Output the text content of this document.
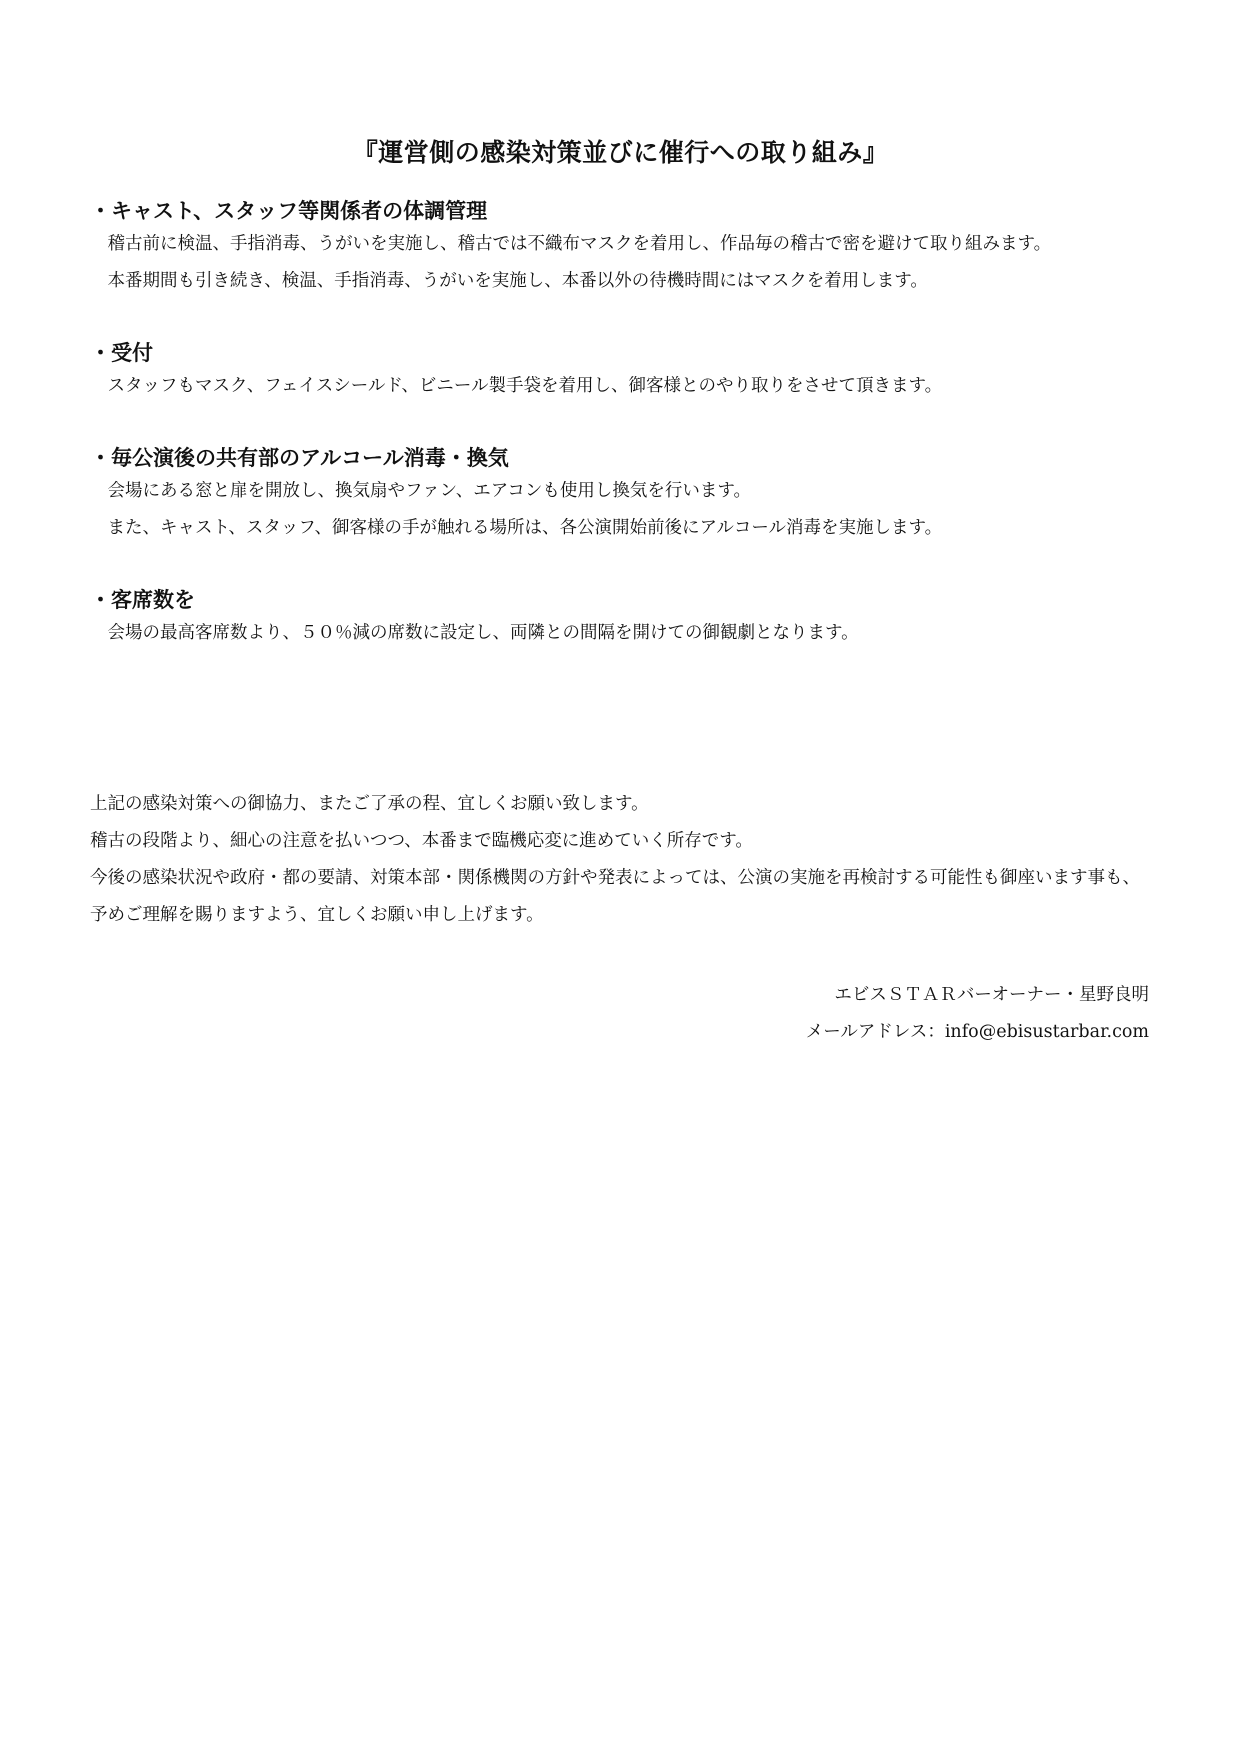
『運営側の感染対策並びに催行への取り組み』
・キャスト、スタッフ等関係者の体調管理

稽古前に検温、手指消毒、うがいを実施し、稽古では不織布マスクを着用し、作品毎の稽古で密を避けて取り組みます。

本番期間も引き続き、検温、手指消毒、うがいを実施し、本番以外の待機時間にはマスクを着用します。

・受付

スタッフもマスク、フェイスシールド、ビニール製手袋を着用し、御客様とのやり取りをさせて頂きます。

・毎公演後の共有部のアルコール消毒・換気

会場にある窓と扉を開放し、換気扇やファン、エアコンも使用し換気を行います。

また、キャスト、スタッフ、御客様の手が触れる場所は、各公演開始前後にアルコール消毒を実施します。

・客席数を

会場の最高客席数より、５０％減の席数に設定し、両隣との間隔を開けての御観劇となります。

上記の感染対策への御協力、またご了承の程、宜しくお願い致します。

稽古の段階より、細心の注意を払いつつ、本番まで臨機応変に進めていく所存です。

今後の感染状況や政府・都の要請、対策本部・関係機関の方針や発表によっては、公演の実施を再検討する可能性も御座います事も、予めご理解を賜りますよう、宜しくお願い申し上げます。

エビスＳＴＡＲバーオーナー・星野良明
メールアドレス：info@ebisustarbar.com
